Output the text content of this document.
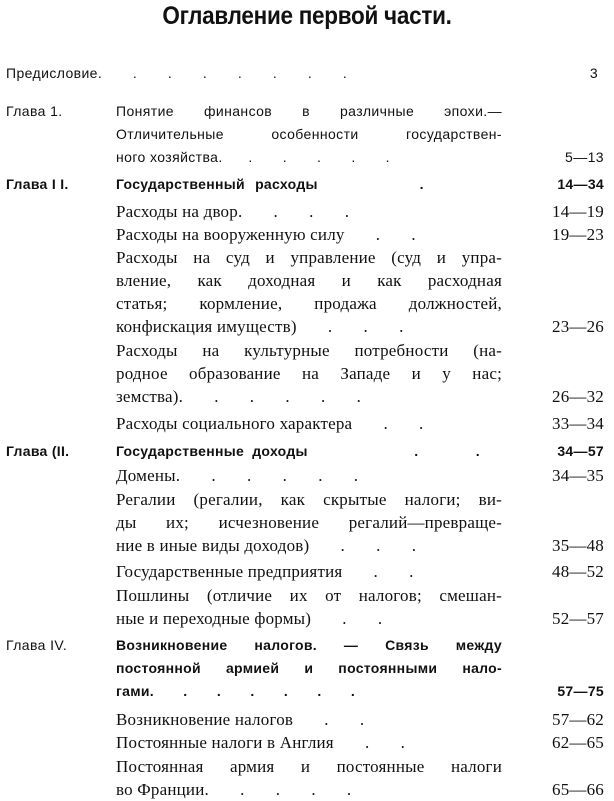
Оглавление первой части.
Предисловие.        .        .        .        .        .        .        .	3
Глава 1.	Понятие финансов в различные эпохи.—
Отличительные особенности государствен-
ного хозяйства.      .       .       .       .       .	5—13
Глава I I.	Государственный расходы          .	14—34
Расходы на двор.       .       .       .	14—19
Расходы на вооруженную силу       .       .	19—23
Расходы на суд и управление (суд и упра-
вление, как доходная и как расходная
статья; кормление, продажа должностей,
конфискация имуществ)       .       .       .	23—26
Расходы на культурные потребности (на-
родное образование на Западе и у нас;
земства).       .       .       .       .       .	26—32
Расходы социального характера       .       .	33—34
Глава (II.	Государственные доходы             .       .	34—57
Домены.       .       .       .       .       .	34—35
Регалии (регалии, как скрытые налоги; ви-
ды их; исчезновение регалий—превраще-
ние в иные виды доходов)       .       .       .	35—48
Государственные предприятия       .       .	48—52
Пошлины (отличие их от налогов; смешан-
ные и переходные формы)       .       .	52—57
Глава IV.	Возникновение налогов. — Связь между
постоянной армией и постоянными нало-
гами.       .       .       .       .       .       .	57—75
Возникновение налогов       .       .	57—62
Постоянные налоги в Англия       .       .	62—65
Постоянная армия и постоянные налоги
во Франции.       .       .       .       .	65—66
